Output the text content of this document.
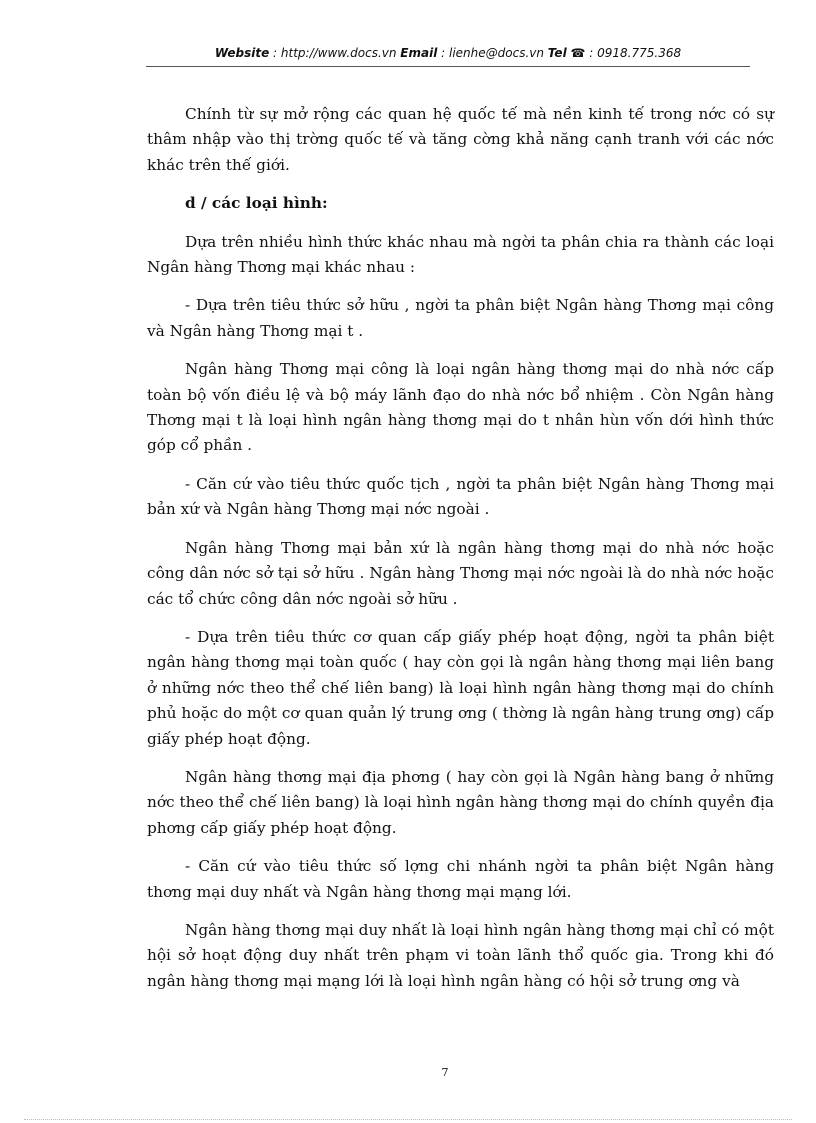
Website : http://www.docs.vn Email : lienhe@docs.vn Tel ☎ : 0918.775.368

Chính từ sự mở rộng các quan hệ quốc tế mà nền kinh tế trong nớc có sự thâm nhập vào thị trờng quốc tế và tăng cờng khả năng cạnh tranh với các nớc khác trên thế giới.

d / các loại hình:

Dựa trên nhiều hình thức khác nhau mà ngời ta phân chia ra thành các loại Ngân hàng Thơng mại khác nhau :

- Dựa trên tiêu thức sở hữu , ngời ta phân biệt Ngân hàng Thơng mại công và Ngân hàng Thơng mại t .

Ngân hàng Thơng mại công là loại ngân hàng thơng mại do nhà nớc cấp toàn bộ vốn điều lệ và bộ máy lãnh đạo do nhà nớc bổ nhiệm . Còn Ngân hàng Thơng mại t là loại hình ngân hàng thơng mại do t nhân hùn vốn dới hình thức góp cổ phần .

- Căn cứ vào tiêu thức quốc tịch , ngời ta phân biệt Ngân hàng Thơng mại bản xứ và Ngân hàng Thơng mại nớc ngoài .

Ngân hàng Thơng mại bản xứ là ngân hàng thơng mại do nhà nớc hoặc công dân nớc sở tại sở hữu . Ngân hàng Thơng mại nớc ngoài là do nhà nớc hoặc các tổ chức công dân nớc ngoài sở hữu .

- Dựa trên tiêu thức cơ quan cấp giấy phép hoạt động, ngời ta phân biệt ngân hàng thơng mại toàn quốc ( hay còn gọi là ngân hàng thơng mại liên bang ở những nớc theo thể chế liên bang) là loại hình ngân hàng thơng mại do chính phủ hoặc do một cơ quan quản lý trung ơng ( thờng là ngân hàng trung ơng) cấp giấy phép hoạt động.

Ngân hàng thơng mại địa phơng ( hay còn gọi là Ngân hàng bang ở những nớc theo thể chế liên bang) là loại hình ngân hàng thơng mại do chính quyền địa phơng cấp giấy phép hoạt động.

- Căn cứ vào tiêu thức số lợng chi nhánh ngời ta phân biệt Ngân hàng thơng mại duy nhất và Ngân hàng thơng mại mạng lới.

Ngân hàng thơng mại duy nhất là loại hình ngân hàng thơng mại chỉ có một hội sở hoạt động duy nhất trên phạm vi toàn lãnh thổ quốc gia. Trong khi đó ngân hàng thơng mại mạng lới là loại hình ngân hàng có hội sở trung ơng và

7
